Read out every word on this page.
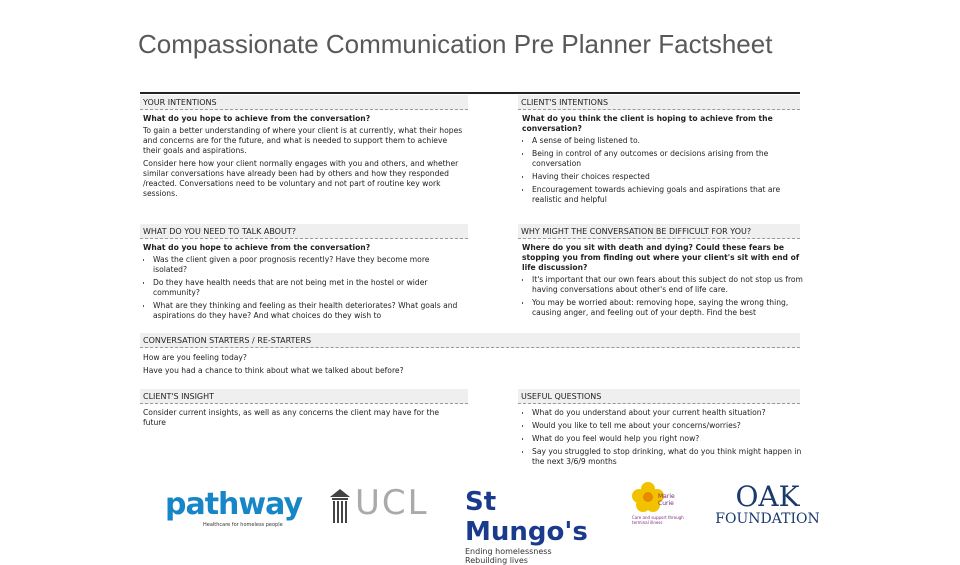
Compassionate Communication Pre Planner Factsheet
YOUR INTENTIONS	CLIENT'S INTENTIONS
What do you hope to achieve from the conversation?

To gain a better understanding of where your client is at currently, what their hopes and concerns are for the future, and what is needed to support them to achieve their goals and aspirations.

Consider here how your client normally engages with you and others, and whether similar conversations have already been had by others and how they responded /reacted. Conversations need to be voluntary and not part of routine key work sessions.

What do you think the client is hoping to achieve from the conversation?
• A sense of being listened to.
• Being in control of any outcomes or decisions arising from the conversation
• Having their choices respected
• Encouragement towards achieving goals and aspirations that are realistic and helpful
WHAT DO YOU NEED TO TALK ABOUT?	WHY MIGHT THE CONVERSATION BE DIFFICULT FOR YOU?
What do you hope to achieve from the conversation?
• Was the client given a poor prognosis recently? Have they become more isolated?
• Do they have health needs that are not being met in the hostel or wider community?
• What are they thinking and feeling as their health deteriorates? What goals and aspirations do they have? And what choices do they wish to
Where do you sit with death and dying? Could these fears be stopping you from finding out where your client's sit with end of life discussion?
• It's important that our own fears about this subject do not stop us from having conversations about other's end of life care.
• You may be worried about: removing hope, saying the wrong thing, causing anger, and feeling out of your depth. Find the best
CONVERSATION STARTERS / RE-STARTERS

How are you feeling today?

Have you had a chance to think about what we talked about before?

CLIENT'S INSIGHT	USEFUL QUESTIONS
Consider current insights, as well as any concerns the client may have for the future
• What do you understand about your current health situation?
• Would you like to tell me about your concerns/worries?
• What do you feel would help you right now?
• Say you struggled to stop drinking, what do you think might happen in the next 3/6/9 months
pathway
Healthcare for homeless people
UCL St Mungo's
Ending homelessness
Rebuilding lives
Marie Curie
Care and support through terminal illness
OAK
FOUNDATION
